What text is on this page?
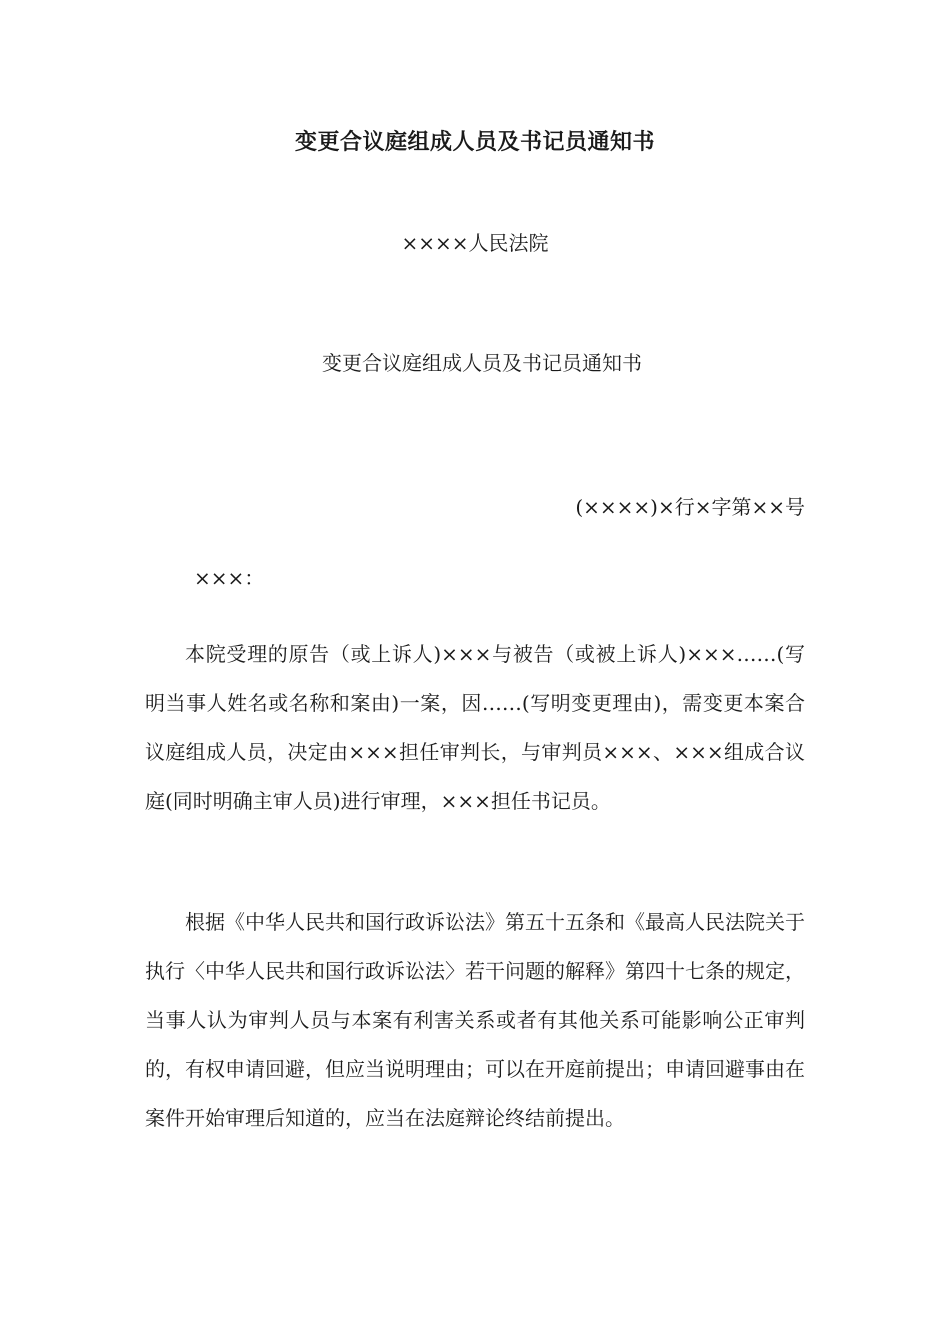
变更合议庭组成人员及书记员通知书
××××人民法院
变更合议庭组成人员及书记员通知书
(××××)×行×字第××号
×××：

本院受理的原告（或上诉人)×××与被告（或被上诉人)×××……(写明当事人姓名或名称和案由)一案，因……(写明变更理由)，需变更本案合议庭组成人员，决定由×××担任审判长，与审判员×××、×××组成合议庭(同时明确主审人员)进行审理，×××担任书记员。

根据《中华人民共和国行政诉讼法》第五十五条和《最高人民法院关于执行〈中华人民共和国行政诉讼法〉若干问题的解释》第四十七条的规定，当事人认为审判人员与本案有利害关系或者有其他关系可能影响公正审判的，有权申请回避，但应当说明理由；可以在开庭前提出；申请回避事由在案件开始审理后知道的，应当在法庭辩论终结前提出。
